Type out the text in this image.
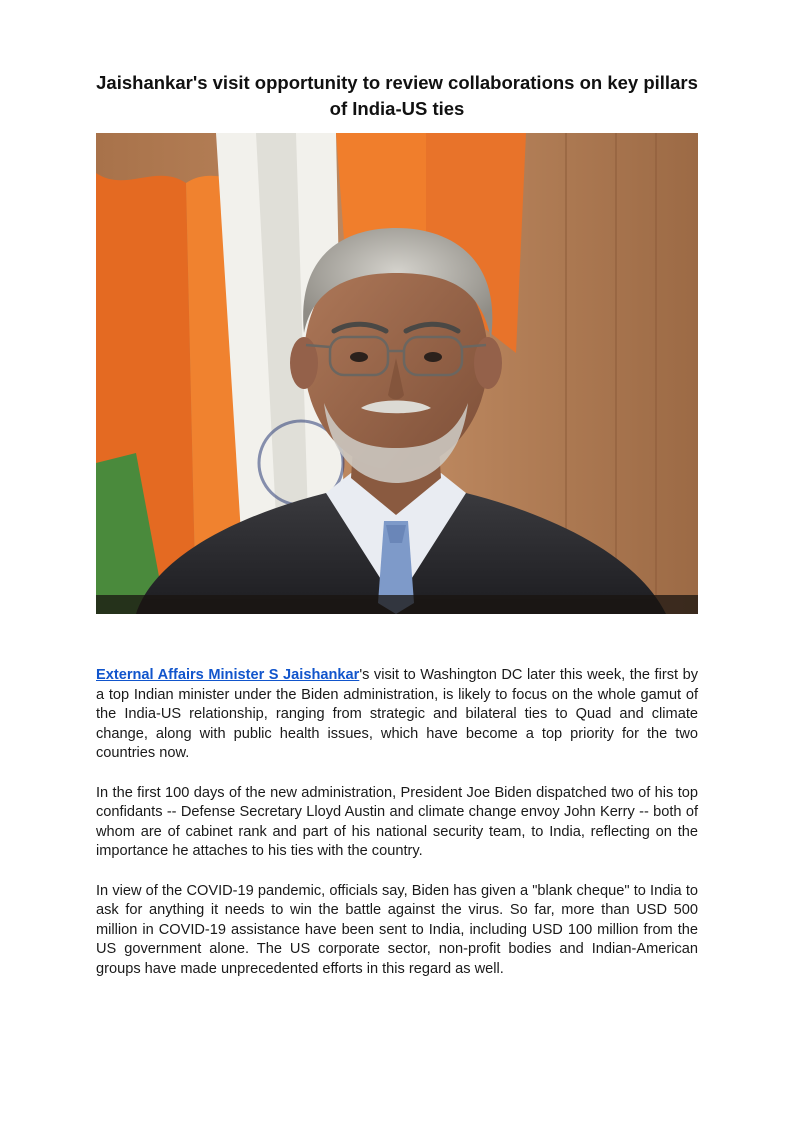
Jaishankar's visit opportunity to review collaborations on key pillars
of India-US ties

External Affairs Minister S Jaishankar's visit to Washington DC later this week, the first by a top Indian minister under the Biden administration, is likely to focus on the whole gamut of the India-US relationship, ranging from strategic and bilateral ties to Quad and climate change, along with public health issues, which have become a top priority for the two countries now.

In the first 100 days of the new administration, President Joe Biden dispatched two of his top confidants -- Defense Secretary Lloyd Austin and climate change envoy John Kerry -- both of whom are of cabinet rank and part of his national security team, to India, reflecting on the importance he attaches to his ties with the country.

In view of the COVID-19 pandemic, officials say, Biden has given a "blank cheque" to India to ask for anything it needs to win the battle against the virus. So far, more than USD 500 million in COVID-19 assistance have been sent to India, including USD 100 million from the US government alone. The US corporate sector, non-profit bodies and Indian-American groups have made unprecedented efforts in this regard as well.
